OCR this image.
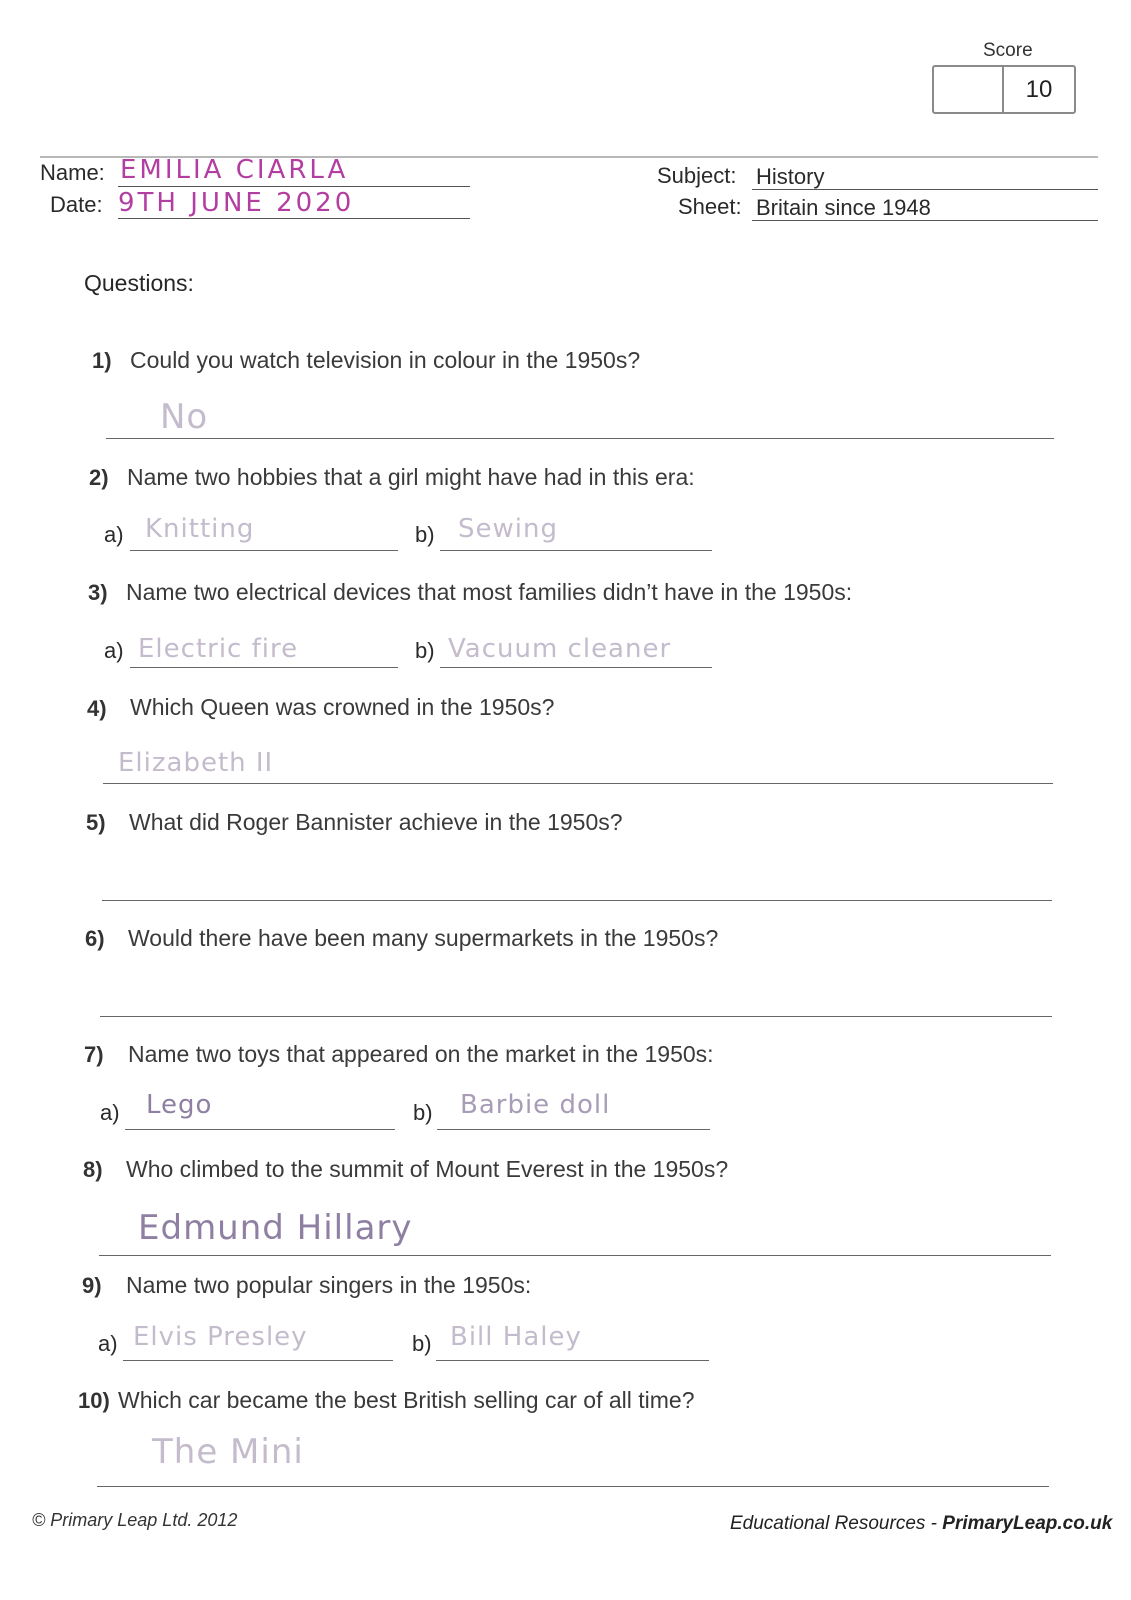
Score
10
Name: EMILIA CIARLA
Date: 9TH JUNE 2020
Subject: History
Sheet: Britain since 1948
Questions:
1) Could you watch television in colour in the 1950s?
No
2) Name two hobbies that a girl might have had in this era:
a) Knitting	b) Sewing
3) Name two electrical devices that most families didn’t have in the 1950s:
a) Electric fire	b) Vacuum cleaner
4) Which Queen was crowned in the 1950s?
Elizabeth II
5) What did Roger Bannister achieve in the 1950s?
6) Would there have been many supermarkets in the 1950s?
7) Name two toys that appeared on the market in the 1950s:
a) Lego	b) Barbie doll
8) Who climbed to the summit of Mount Everest in the 1950s?
Edmund Hillary
9) Name two popular singers in the 1950s:
a) Elvis Presley	b) Bill Haley
10) Which car became the best British selling car of all time?
The Mini
© Primary Leap Ltd. 2012	Educational Resources - PrimaryLeap.co.uk
